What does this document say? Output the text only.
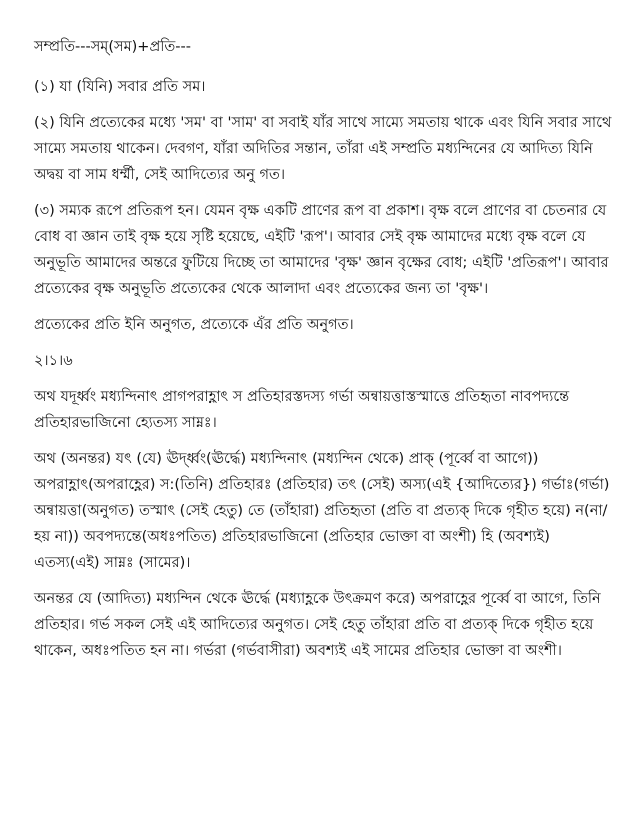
সম্প্রতি---সম্(সম)+প্রতি---

(১) যা (যিনি) সবার প্রতি সম।

(২) যিনি প্রত্যেকের মধ্যে 'সম' বা 'সাম' বা সবাই যাঁর সাথে সাম্যে সমতায় থাকে এবং যিনি সবার সাথে সাম্যে সমতায় থাকেন। দেবগণ, যাঁরা অদিতির সন্তান, তাঁরা এই সম্প্রতি মধ্যন্দিনের যে আদিত্য যিনি অদ্বয় বা সাম ধর্ম্মী, সেই আদিত্যের অনু গত।

(৩) সম্যক রূপে প্রতিরূপ হন। যেমন বৃক্ষ একটি প্রাণের রূপ বা প্রকাশ। বৃক্ষ বলে প্রাণের বা চেতনার যে বোধ বা জ্ঞান তাই বৃক্ষ হয়ে সৃষ্টি হয়েছে, এইটি 'রূপ'। আবার সেই বৃক্ষ আমাদের মধ্যে বৃক্ষ বলে যে অনুভূতি আমাদের অন্তরে ফুটিয়ে দিচ্ছে তা আমাদের 'বৃক্ষ' জ্ঞান বৃক্ষের বোধ; এইটি 'প্রতিরূপ'। আবার প্রত্যেকের বৃক্ষ অনুভূতি প্রত্যেকের থেকে আলাদা এবং প্রত্যেকের জন্য তা 'বৃক্ষ'।

প্রত্যেকের প্রতি ইনি অনুগত, প্রত্যেকে এঁর প্রতি অনুগত।

২।১।৬

অথ যদূর্ধ্বং মধ্যন্দিনাৎ প্রাগপরাহ্ণাৎ স প্রতিহারস্তদস্য গর্ভা অন্বায়ত্তাস্তস্মাত্তে প্রতিহৃতা নাবপদ্যন্তে প্রতিহারভাজিনো হ্যেতস্য সাম্নঃ।

অথ (অনন্তর) যৎ (যে) ঊর্দ্ধ্বং(ঊর্দ্ধে) মধ্যন্দিনাৎ (মধ্যন্দিন থেকে) প্রাক্ (পূর্ব্বে বা আগে)) অপরাহ্ণাৎ(অপরাহ্ণের) স:(তিনি) প্রতিহারঃ (প্রতিহার) তৎ (সেই) অস্য(এই {আদিত্যের}) গর্ভাঃ(গর্ভা) অন্বায়ত্তা(অনুগত) তস্মাৎ (সেই হেতু) তে (তাঁহারা) প্রতিহৃতা (প্রতি বা প্রত্যক্ দিকে গৃহীত হয়ে) ন(না/ হয় না)) অবপদ্যন্তে(অধঃপতিত) প্রতিহারভাজিনো (প্রতিহার ভোক্তা বা অংশী) হি (অবশ্যই) এতস্য(এই) সাম্নঃ (সামের)।

অনন্তর যে (আদিত্য) মধ্যন্দিন থেকে ঊর্দ্ধে (মধ্যাহ্ণকে উৎক্রমণ করে) অপরাহ্ণের পূর্ব্বে বা আগে, তিনি প্রতিহার। গর্ভ সকল সেই এই আদিত্যের অনুগত। সেই হেতু তাঁহারা প্রতি বা প্রত্যক্ দিকে গৃহীত হয়ে থাকেন, অধঃপতিত হন না। গর্ভরা (গর্ভবাসীরা) অবশ্যই এই সামের প্রতিহার ভোক্তা বা অংশী।
